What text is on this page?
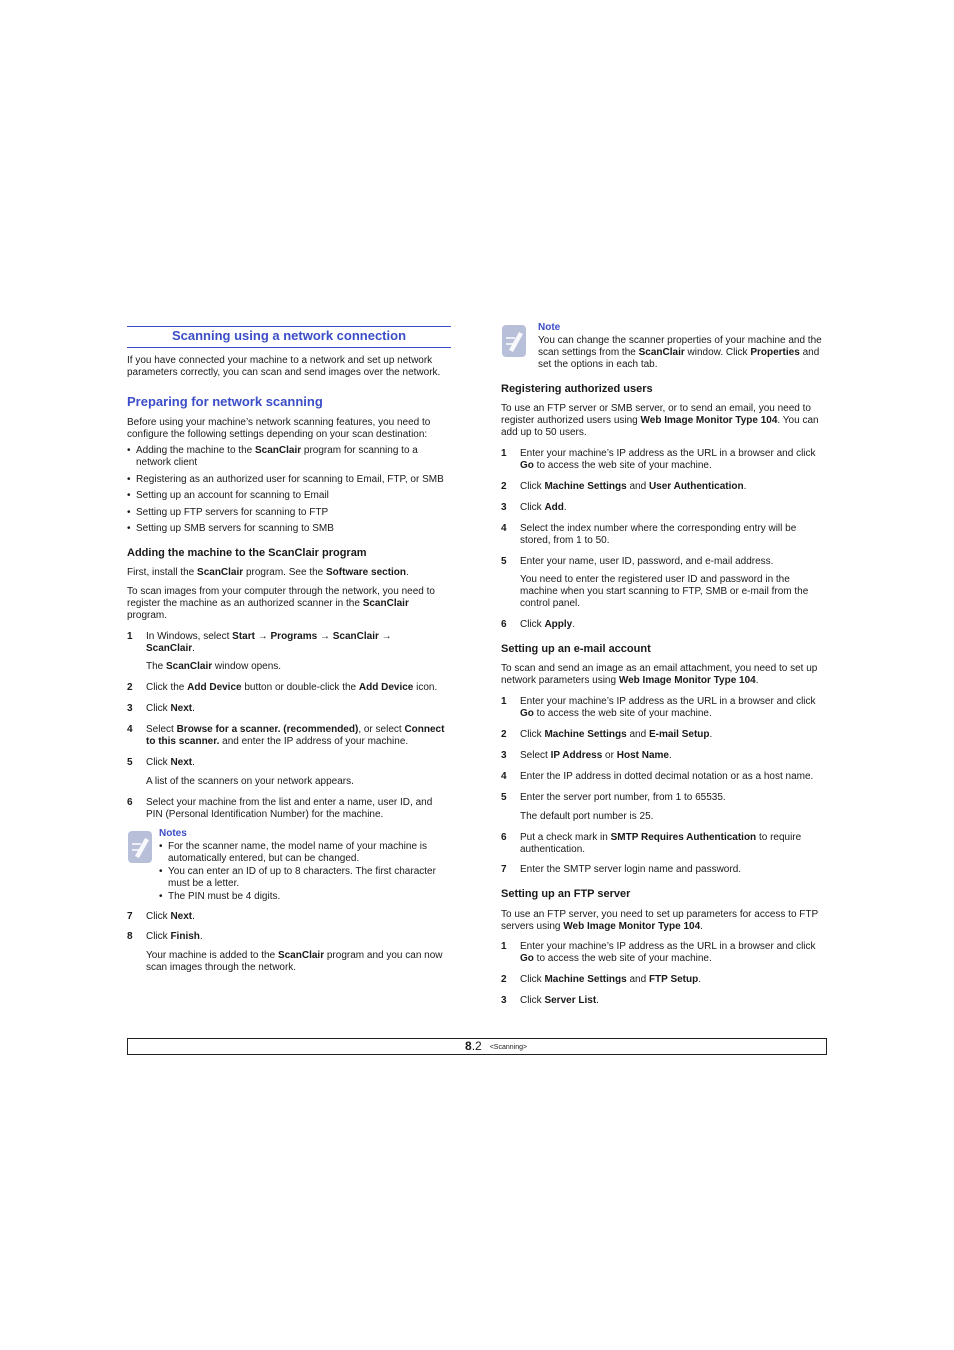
Scanning using a network connection

If you have connected your machine to a network and set up network parameters correctly, you can scan and send images over the network.

Preparing for network scanning

Before using your machine’s network scanning features, you need to configure the following settings depending on your scan destination:

• Adding the machine to the ScanClair program for scanning to a network client

• Registering as an authorized user for scanning to Email, FTP, or SMB

• Setting up an account for scanning to Email

• Setting up FTP servers for scanning to FTP

• Setting up SMB servers for scanning to SMB

Adding the machine to the ScanClair program

First, install the ScanClair program. See the Software section.

To scan images from your computer through the network, you need to register the machine as an authorized scanner in the ScanClair program.

1 In Windows, select Start → Programs → ScanClair → ScanClair.

The ScanClair window opens.

2 Click the Add Device button or double-click the Add Device icon.

3 Click Next.

4 Select Browse for a scanner. (recommended), or select Connect to this scanner. and enter the IP address of your machine.

5 Click Next.

A list of the scanners on your network appears.

6 Select your machine from the list and enter a name, user ID, and PIN (Personal Identification Number) for the machine.

Notes
• For the scanner name, the model name of your machine is automatically entered, but can be changed.

• You can enter an ID of up to 8 characters. The first character must be a letter.

• The PIN must be 4 digits.

7 Click Next.

8 Click Finish.

Your machine is added to the ScanClair program and you can now scan images through the network.

Note

You can change the scanner properties of your machine and the scan settings from the ScanClair window. Click Properties and set the options in each tab.

Registering authorized users

To use an FTP server or SMB server, or to send an email, you need to register authorized users using Web Image Monitor Type 104. You can add up to 50 users.

1 Enter your machine’s IP address as the URL in a browser and click Go to access the web site of your machine.

2 Click Machine Settings and User Authentication.

3 Click Add.

4 Select the index number where the corresponding entry will be stored, from 1 to 50.

5 Enter your name, user ID, password, and e-mail address.

You need to enter the registered user ID and password in the machine when you start scanning to FTP, SMB or e-mail from the control panel.

6 Click Apply.

Setting up an e-mail account

To scan and send an image as an email attachment, you need to set up network parameters using Web Image Monitor Type 104.

1 Enter your machine’s IP address as the URL in a browser and click Go to access the web site of your machine.

2 Click Machine Settings and E-mail Setup.

3 Select IP Address or Host Name.

4 Enter the IP address in dotted decimal notation or as a host name.

5 Enter the server port number, from 1 to 65535.

The default port number is 25.

6 Put a check mark in SMTP Requires Authentication to require authentication.

7 Enter the SMTP server login name and password.

Setting up an FTP server

To use an FTP server, you need to set up parameters for access to FTP servers using Web Image Monitor Type 104.

1 Enter your machine’s IP address as the URL in a browser and click Go to access the web site of your machine.

2 Click Machine Settings and FTP Setup.

3 Click Server List.

8.2 <Scanning>
